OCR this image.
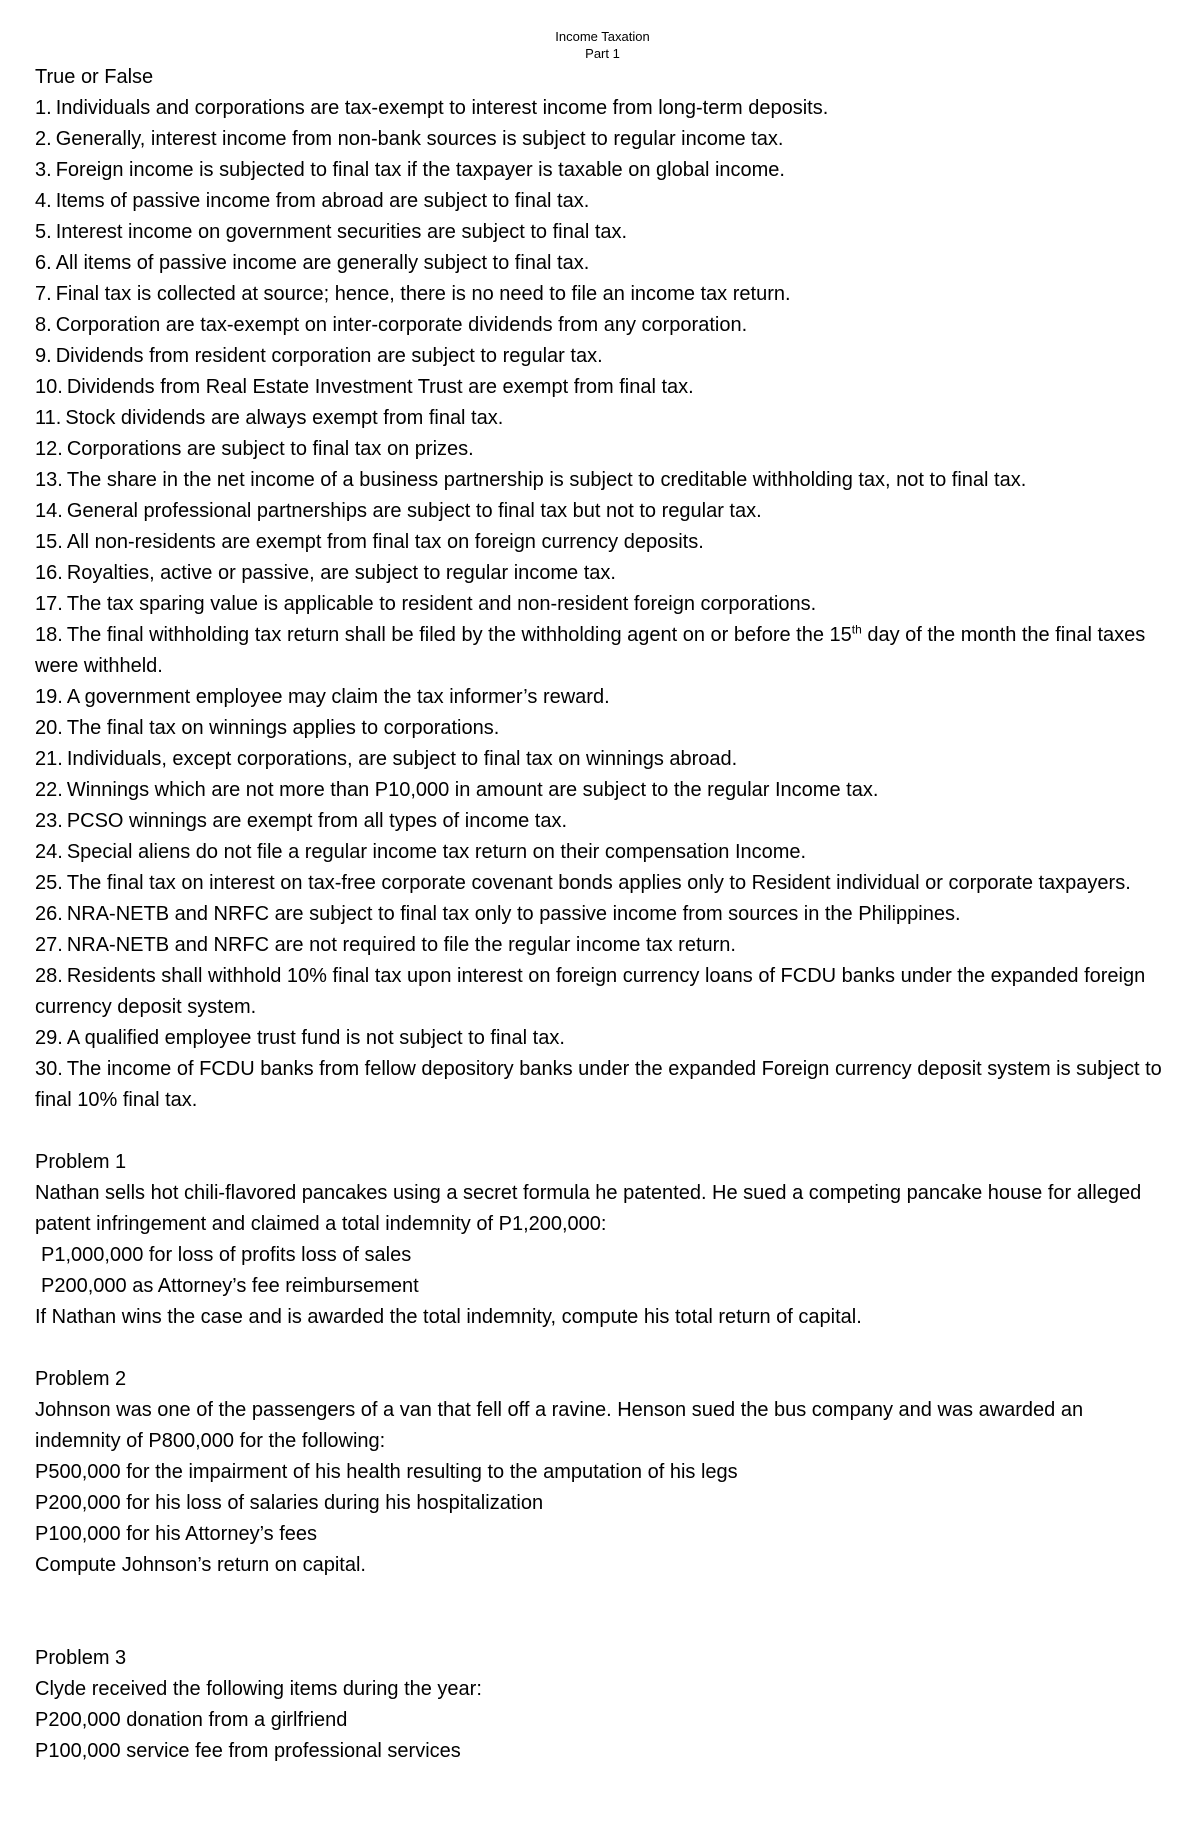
Income Taxation
Part 1
True or False

1. Individuals and corporations are tax-exempt to interest income from long-term deposits.

2. Generally, interest income from non-bank sources is subject to regular income tax.

3. Foreign income is subjected to final tax if the taxpayer is taxable on global income.

4. Items of passive income from abroad are subject to final tax.

5. Interest income on government securities are subject to final tax.

6. All items of passive income are generally subject to final tax.

7. Final tax is collected at source; hence, there is no need to file an income tax return.

8. Corporation are tax-exempt on inter-corporate dividends from any corporation.

9. Dividends from resident corporation are subject to regular tax.

10. Dividends from Real Estate Investment Trust are exempt from final tax.

11. Stock dividends are always exempt from final tax.

12. Corporations are subject to final tax on prizes.

13. The share in the net income of a business partnership is subject to creditable withholding tax, not to final tax.

14. General professional partnerships are subject to final tax but not to regular tax.

15. All non-residents are exempt from final tax on foreign currency deposits.

16. Royalties, active or passive, are subject to regular income tax.

17. The tax sparing value is applicable to resident and non-resident foreign corporations.

18. The final withholding tax return shall be filed by the withholding agent on or before the 15th day of the month the final taxes were withheld.

19. A government employee may claim the tax informer’s reward.

20. The final tax on winnings applies to corporations.

21. Individuals, except corporations, are subject to final tax on winnings abroad.

22. Winnings which are not more than P10,000 in amount are subject to the regular Income tax.

23. PCSO winnings are exempt from all types of income tax.

24. Special aliens do not file a regular income tax return on their compensation Income.

25. The final tax on interest on tax-free corporate covenant bonds applies only to Resident individual or corporate taxpayers.

26. NRA-NETB and NRFC are subject to final tax only to passive income from sources in the Philippines.

27. NRA-NETB and NRFC are not required to file the regular income tax return.

28. Residents shall withhold 10% final tax upon interest on foreign currency loans of FCDU banks under the expanded foreign currency deposit system.

29. A qualified employee trust fund is not subject to final tax.

30. The income of FCDU banks from fellow depository banks under the expanded Foreign currency deposit system is subject to final 10% final tax.

Problem 1

Nathan sells hot chili-flavored pancakes using a secret formula he patented. He sued a competing pancake house for alleged patent infringement and claimed a total indemnity of P1,200,000:

P1,000,000 for loss of profits loss of sales

P200,000 as Attorney’s fee reimbursement

If Nathan wins the case and is awarded the total indemnity, compute his total return of capital.

Problem 2

Johnson was one of the passengers of a van that fell off a ravine. Henson sued the bus company and was awarded an indemnity of P800,000 for the following:

P500,000 for the impairment of his health resulting to the amputation of his legs

P200,000 for his loss of salaries during his hospitalization

P100,000 for his Attorney’s fees

Compute Johnson’s return on capital.

Problem 3

Clyde received the following items during the year:

P200,000 donation from a girlfriend

P100,000 service fee from professional services
